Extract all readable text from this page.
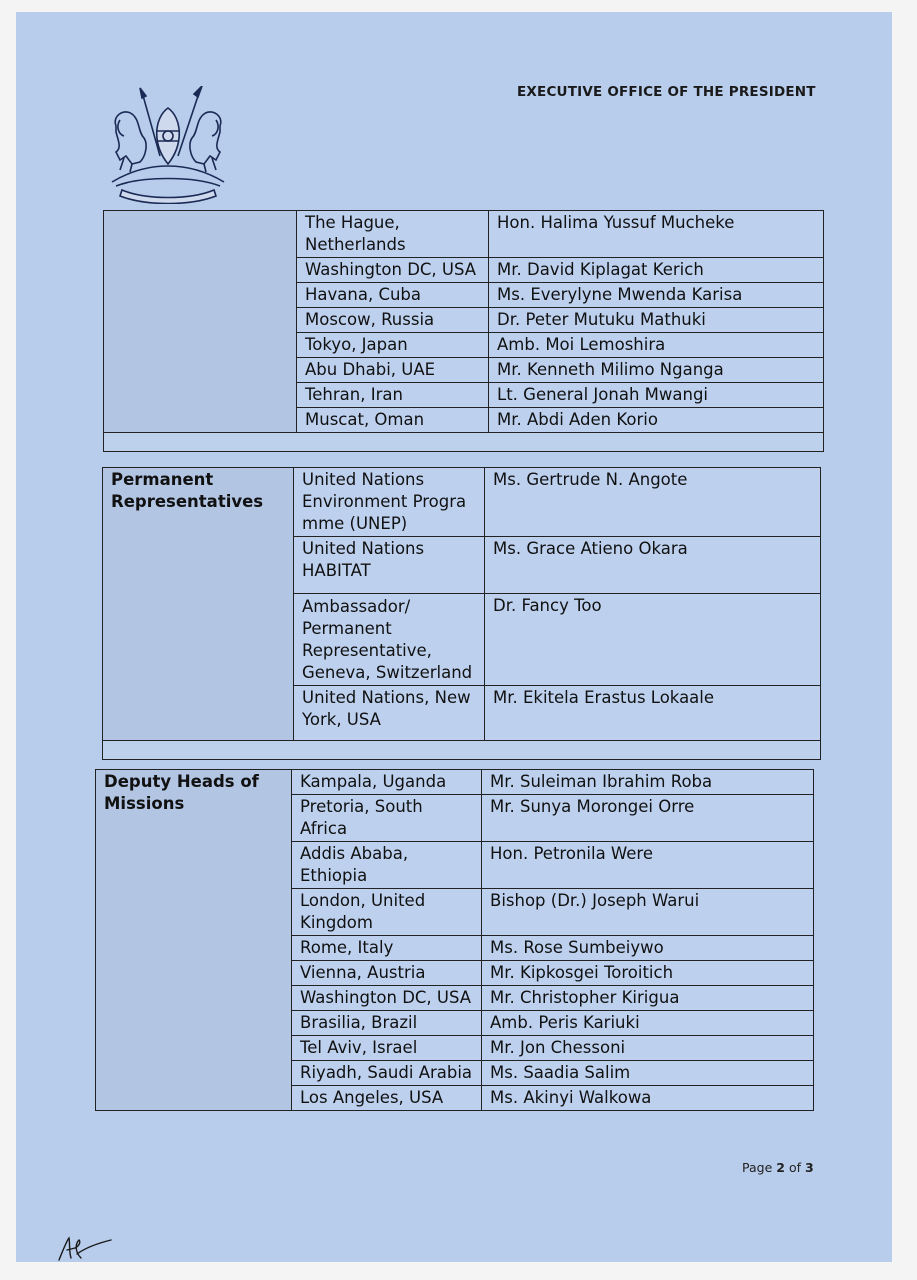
EXECUTIVE OFFICE OF THE PRESIDENT
	The Hague, Netherlands	Hon. Halima Yussuf Mucheke
	Washington DC, USA	Mr. David Kiplagat Kerich
	Havana, Cuba	Ms. Everylyne Mwenda Karisa
	Moscow, Russia	Dr. Peter Mutuku Mathuki
	Tokyo, Japan	Amb. Moi Lemoshira
	Abu Dhabi, UAE	Mr. Kenneth Milimo Nganga
	Tehran, Iran	Lt. General Jonah Mwangi
	Muscat, Oman	Mr. Abdi Aden Korio

Permanent Representatives	United Nations Environment Progra mme (UNEP)	Ms. Gertrude N. Angote
	United Nations HABITAT	Ms. Grace Atieno Okara
	Ambassador/ Permanent Representative, Geneva, Switzerland	Dr. Fancy Too
	United Nations, New York, USA	Mr. Ekitela Erastus Lokaale

Deputy Heads of Missions	Kampala, Uganda	Mr. Suleiman Ibrahim Roba
	Pretoria, South Africa	Mr. Sunya Morongei Orre
	Addis Ababa, Ethiopia	Hon. Petronila Were
	London, United Kingdom	Bishop (Dr.) Joseph Warui
	Rome, Italy	Ms. Rose Sumbeiywo
	Vienna, Austria	Mr. Kipkosgei Toroitich
	Washington DC, USA	Mr. Christopher Kirigua
	Brasilia, Brazil	Amb. Peris Kariuki
	Tel Aviv, Israel	Mr. Jon Chessoni
	Riyadh, Saudi Arabia	Ms. Saadia Salim
	Los Angeles, USA	Ms. Akinyi Walkowa
Page 2 of 3
